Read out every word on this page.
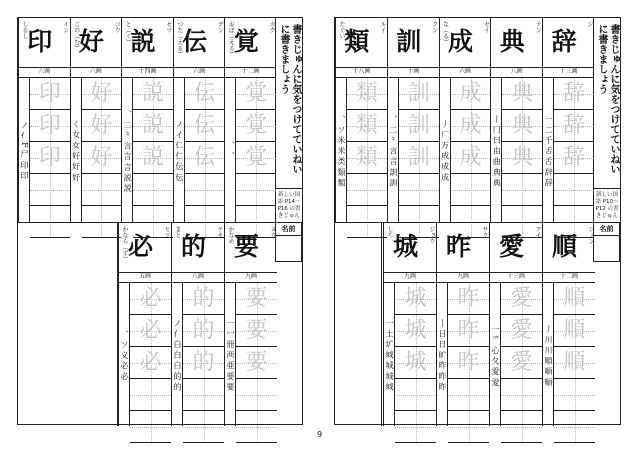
書きじゅんに気をつけてていねいに書きましょう
新しい国語 P14〜P16 の書きじゅん
名前
覚	カク
おぼ（える）
十二画
、 、
覚
覚
覚
伝	デン
つた（える）
六画
ノ イ 仁 仁 伝 伝
伝
伝
伝
説	セツ
と（く）
十四画
、 二 ⺀ 言 言 言 説 説
説
説
説
好	コウ
この（む）
六画
く 女 女 好 好 好
好
好
好
印	イン
しるし
六画
ノ 亻 F 尸 印 印
印
印
印
要	ヨウ
かなめ
九画
一 冖 冊 襾 亜 要 要
要
要
要
的	テキ
まと
八画
ノ 亻 白 白 白 的 的
的
的
的
必	ヒツ
かなら（ず）
五画
、 ソ 义 必 必
必
必
必
書きじゅんに気をつけてていねいに書きましょう
新しい国語 P10〜P12 の書きじゅん
名前
辞
ジ
十三画
一 二 千 舌 舌 辞 辞
辞
辞
辞
典	テン
八画
丨 冂 曰 由 曲 典 典
典
典
典
成	セイ
な（る）
六画
丿 厂 万 成 成 成
成
成
成
訓	クン
十画
、 二 ⺀ 言 言 訓 訓
訓
訓
訓
類	ルイ
たぐい
十八画
、 ソ 米 米 类 類 類
類
類
類
順	ジュン
十二画
丿 川 川 順 順 順
順
順
順
愛	アイ
十三画
一 爫 心 夂 愛 愛
愛
愛
愛
昨	サク
九画
丨 日 日 旷 昨 昨 昨
昨
昨
昨
城	ジョウ
しろ
九画
一 土 圹 城 城 城 城
城
城
城
9
